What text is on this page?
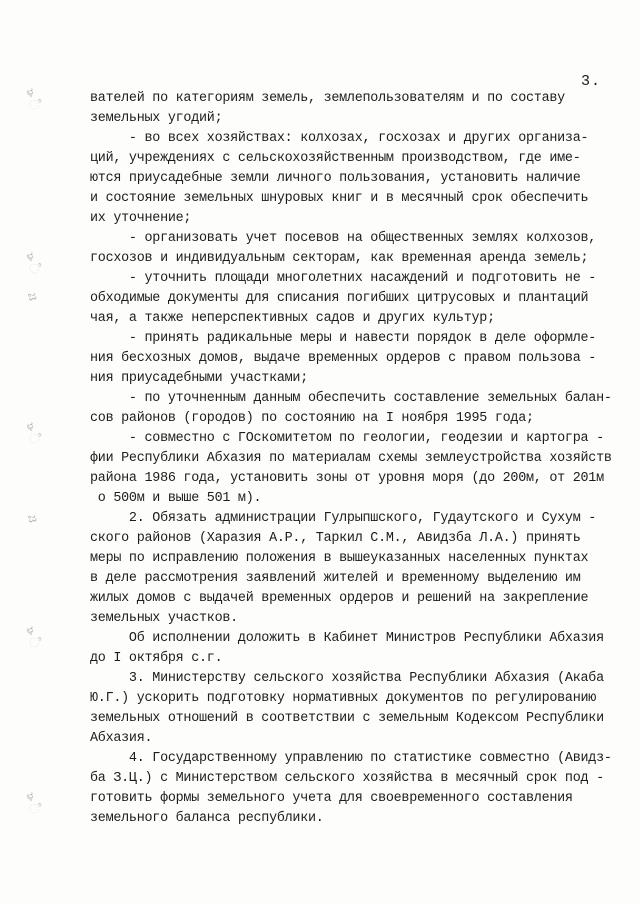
3.
ಳ
ಿ
ಳ
ಿ
ಜ
ಳ
ಿ
ಜ
ಳ
ಿ
ಳ
ಿ
вателей по категориям земель, землепользователям и по составу
земельных угодий;
- во всех хозяйствах: колхозах, госхозах и других организа-
ций, учреждениях с сельскохозяйственным производством, где име-
ются приусадебные земли личного пользования, установить наличие
и состояние земельных шнуровых книг и в месячный срок обеспечить
их уточнение;
- организовать учет посевов на общественных землях колхозов,
госхозов и индивидуальным секторам, как временная аренда земель;
- уточнить площади многолетних насаждений и подготовить не -
обходимые документы для списания погибших цитрусовых и плантаций
чая, а также неперспективных садов и других культур;
- принять радикальные меры и навести порядок в деле оформле-
ния бесхозных домов, выдаче временных ордеров с правом пользова -
ния приусадебными участками;
- по уточненным данным обеспечить составление земельных балан-
сов районов (городов) по состоянию на I ноября 1995 года;
- совместно с ГОскомитетом по геологии, геодезии и картогра -
фии Республики Абхазия по материалам схемы землеустройства хозяйств
района 1986 года, установить зоны от уровня моря (до 200м, от 201м
о 500м и выше 501 м).
2. Обязать администрации Гулрыпшского, Гудаутского и Сухум -
ского районов (Харазия А.Р., Таркил С.М., Авидзба Л.А.) принять
меры по исправлению положения в вышеуказанных населенных пунктах
в деле рассмотрения заявлений жителей и временному выделению им
жилых домов с выдачей временных ордеров и решений на закрепление
земельных участков.
Об исполнении доложить в Кабинет Министров Республики Абхазия
до I октября с.г.
3. Министерству сельского хозяйства Республики Абхазия (Акаба
Ю.Г.) ускорить подготовку нормативных документов по регулированию
земельных отношений в соответствии с земельным Кодексом Республики
Абхазия.
4. Государственному управлению по статистике совместно (Авидз-
ба З.Ц.) с Министерством сельского хозяйства в месячный срок под -
готовить формы земельного учета для своевременного составления
земельного баланса республики.
